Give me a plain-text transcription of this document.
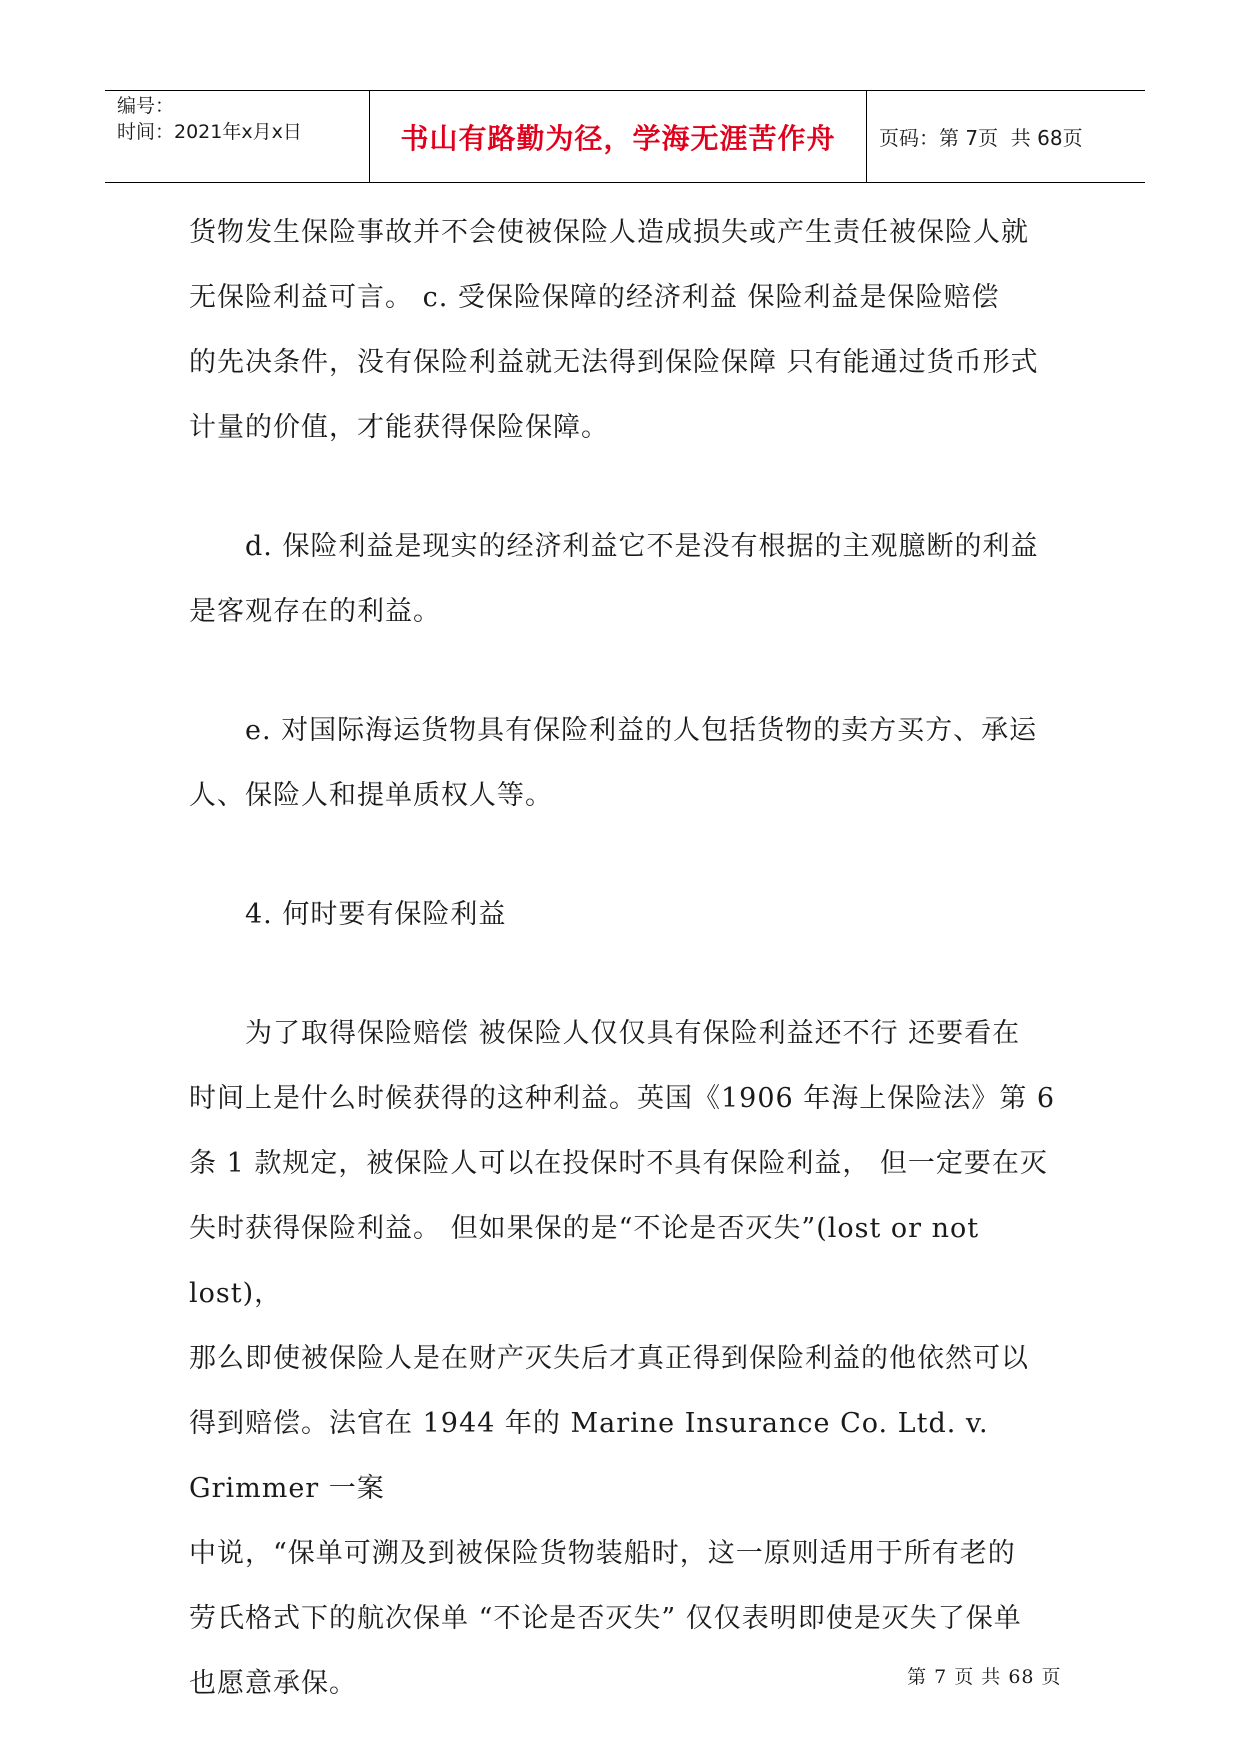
编号：
时间：2021年x月x日	书山有路勤为径，学海无涯苦作舟 页码：第 7页  共 68页

货物发生保险事故并不会使被保险人造成损失或产生责任被保险人就

无保险利益可言。 c. 受保险保障的经济利益 保险利益是保险赔偿

的先决条件，没有保险利益就无法得到保险保障 只有能通过货币形式

计量的价值，才能获得保险保障。

d. 保险利益是现实的经济利益它不是没有根据的主观臆断的利益

是客观存在的利益。

e. 对国际海运货物具有保险利益的人包括货物的卖方买方、承运

人、保险人和提单质权人等。

4. 何时要有保险利益

为了取得保险赔偿 被保险人仅仅具有保险利益还不行 还要看在

时间上是什么时候获得的这种利益。英国《1906 年海上保险法》第 6

条 1 款规定，被保险人可以在投保时不具有保险利益， 但一定要在灭

失时获得保险利益。 但如果保的是“不论是否灭失”(lost or not lost)，

那么即使被保险人是在财产灭失后才真正得到保险利益的他依然可以

得到赔偿。法官在 1944 年的 Marine Insurance Co. Ltd. v. Grimmer 一案

中说，“保单可溯及到被保险货物装船时，这一原则适用于所有老的

劳氏格式下的航次保单 “不论是否灭失” 仅仅表明即使是灭失了保单

也愿意承保。	第 7 页 共 68 页
